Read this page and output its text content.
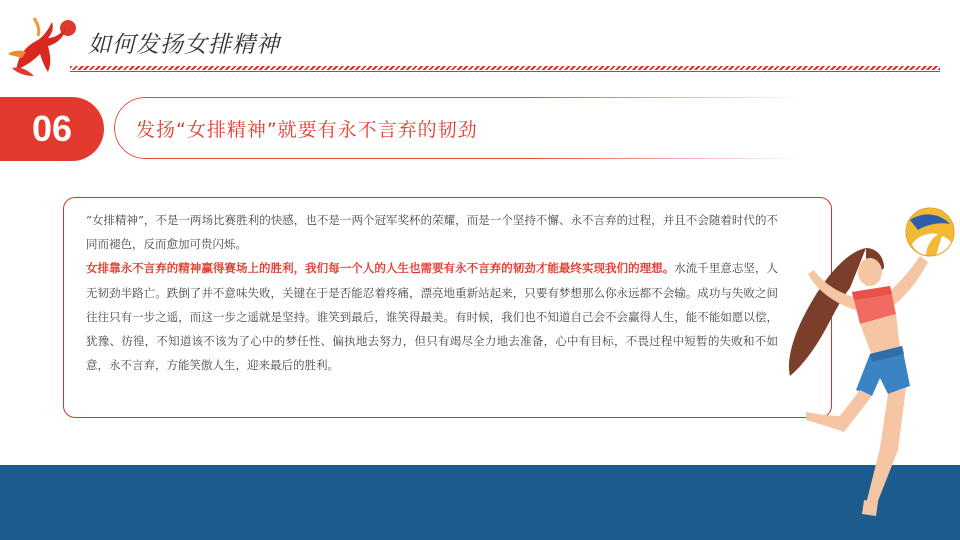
如何发扬女排精神
06	发扬“女排精神”就要有永不言弃的韧劲

“女排精神”，不是一两场比赛胜利的快感，也不是一两个冠军奖杯的荣耀，而是一个坚持不懈、永不言弃的过程，并且不会随着时代的不同而褪色，反而愈加可贵闪烁。
女排靠永不言弃的精神赢得赛场上的胜利，我们每一个人的人生也需要有永不言弃的韧劲才能最终实现我们的理想。水流千里意志坚，人无韧劲半路亡。跌倒了并不意味失败，关键在于是否能忍着疼痛，漂亮地重新站起来，只要有梦想那么你永远都不会输。成功与失败之间往往只有一步之遥，而这一步之遥就是坚持。谁笑到最后，谁笑得最美。有时候，我们也不知道自己会不会赢得人生，能不能如愿以偿，犹豫、彷徨，不知道该不该为了心中的梦任性、偏执地去努力，但只有竭尽全力地去准备，心中有目标，不畏过程中短暂的失败和不如意，永不言弃，方能笑傲人生，迎来最后的胜利。
